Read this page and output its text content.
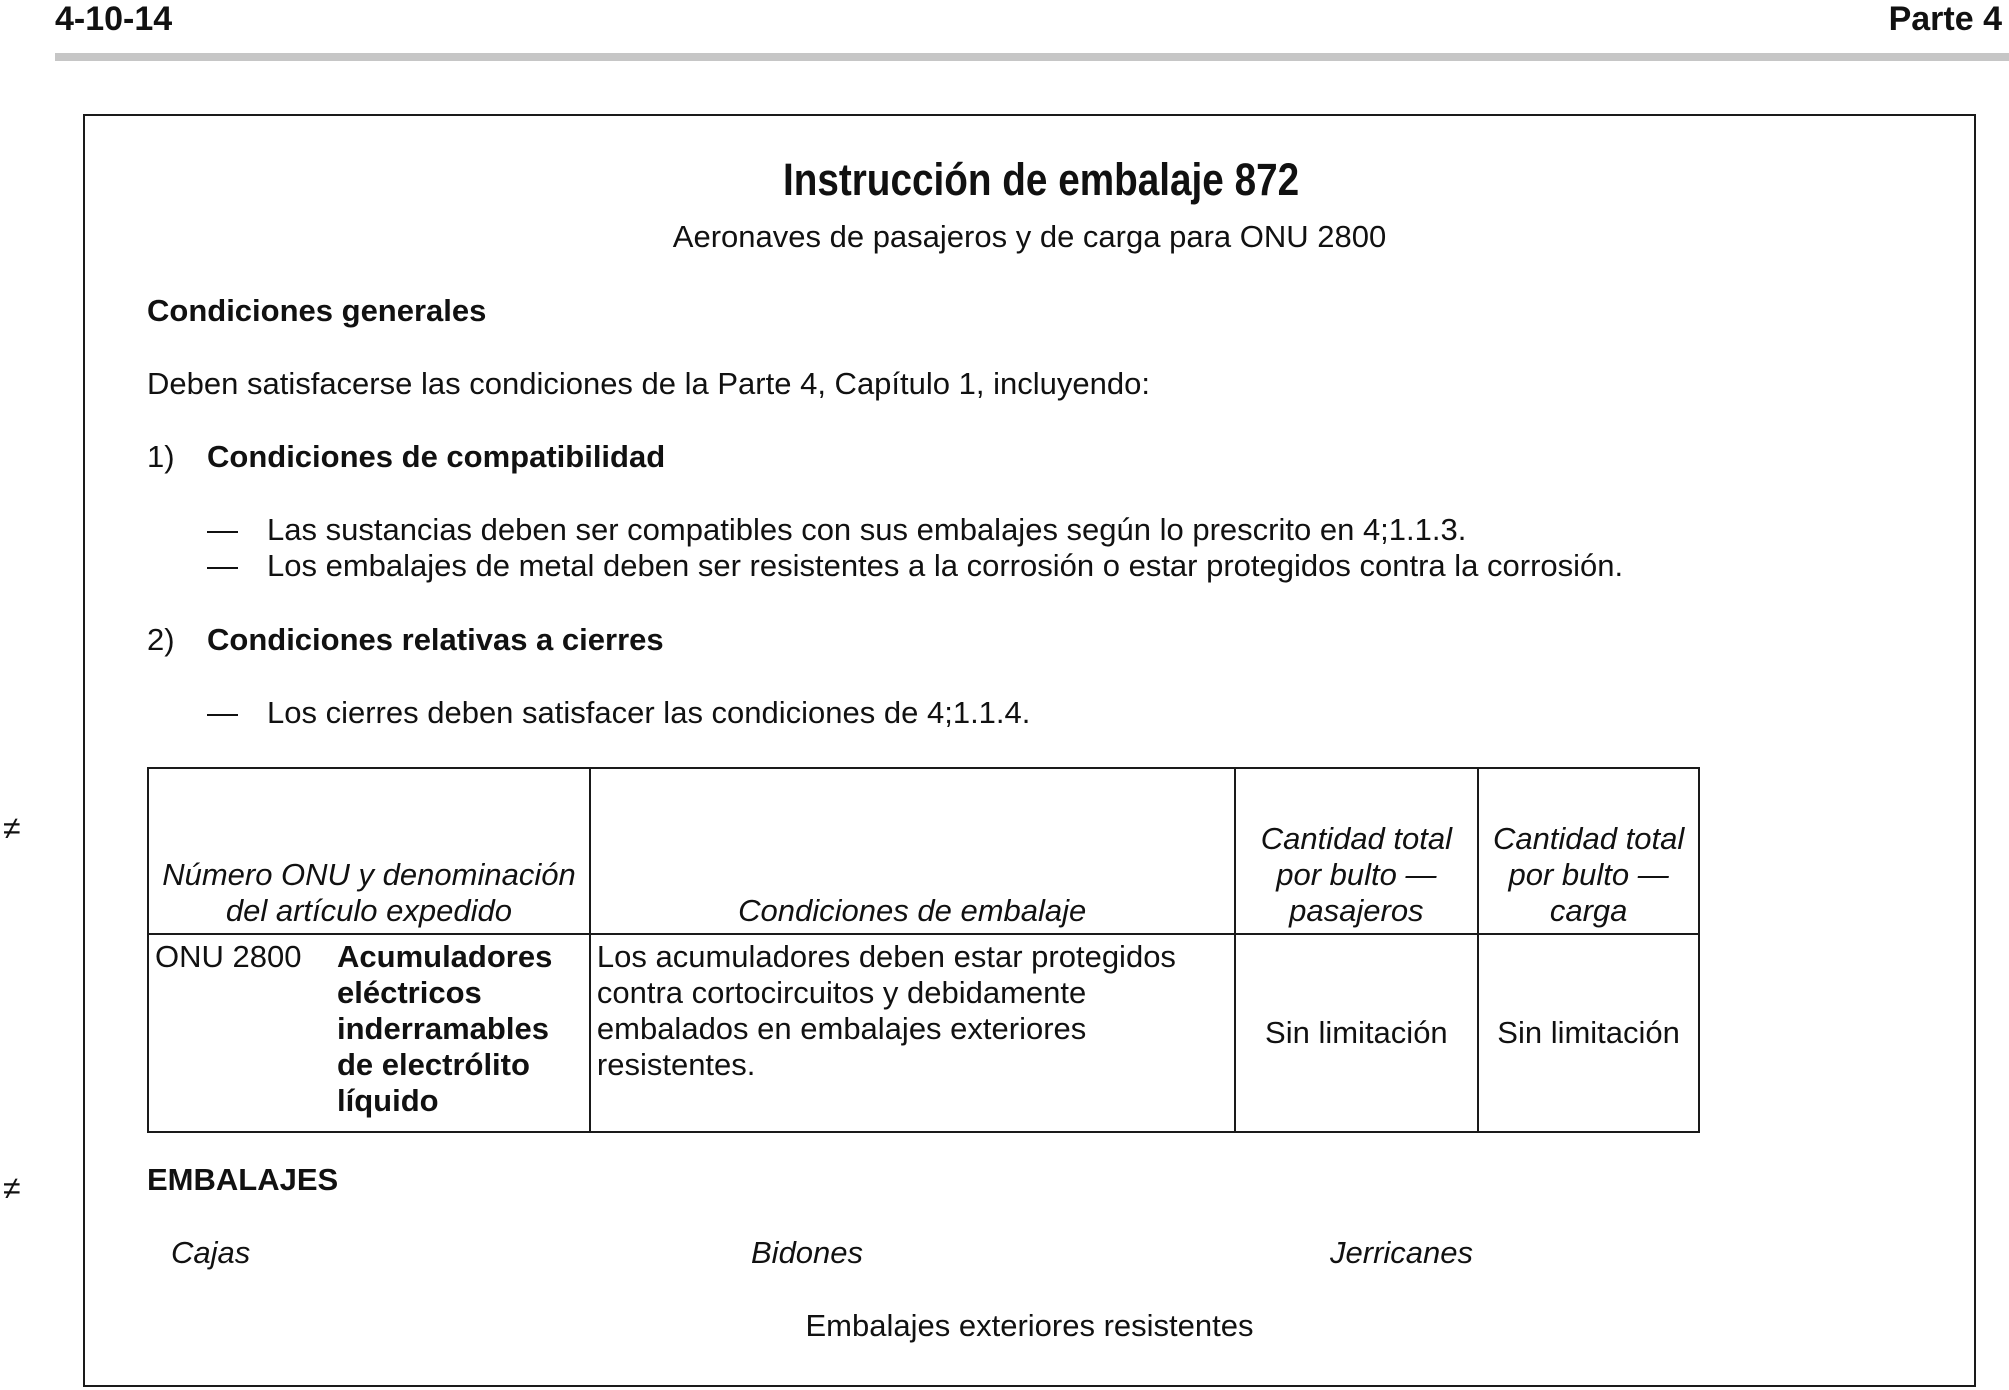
4-10-14	Parte 4
≠
≠
Instrucción de embalaje 872
Aeronaves de pasajeros y de carga para ONU 2800
Condiciones generales
Deben satisfacerse las condiciones de la Parte 4, Capítulo 1, incluyendo:
1) Condiciones de compatibilidad
— Las sustancias deben ser compatibles con sus embalajes según lo prescrito en 4;1.1.3.
— Los embalajes de metal deben ser resistentes a la corrosión o estar protegidos contra la corrosión.
2) Condiciones relativas a cierres
— Los cierres deben satisfacer las condiciones de 4;1.1.4.
Número ONU y denominación del artículo expedido	Condiciones de embalaje	Cantidad total por bulto — pasajeros	Cantidad total por bulto — carga

ONU 2800 Acumuladores eléctricos inderramables de electrólito líquido	Los acumuladores deben estar protegidos contra cortocircuitos y debidamente embalados en embalajes exteriores resistentes.	Sin limitación	Sin limitación
EMBALAJES
Cajas	Bidones	Jerricanes
Embalajes exteriores resistentes
